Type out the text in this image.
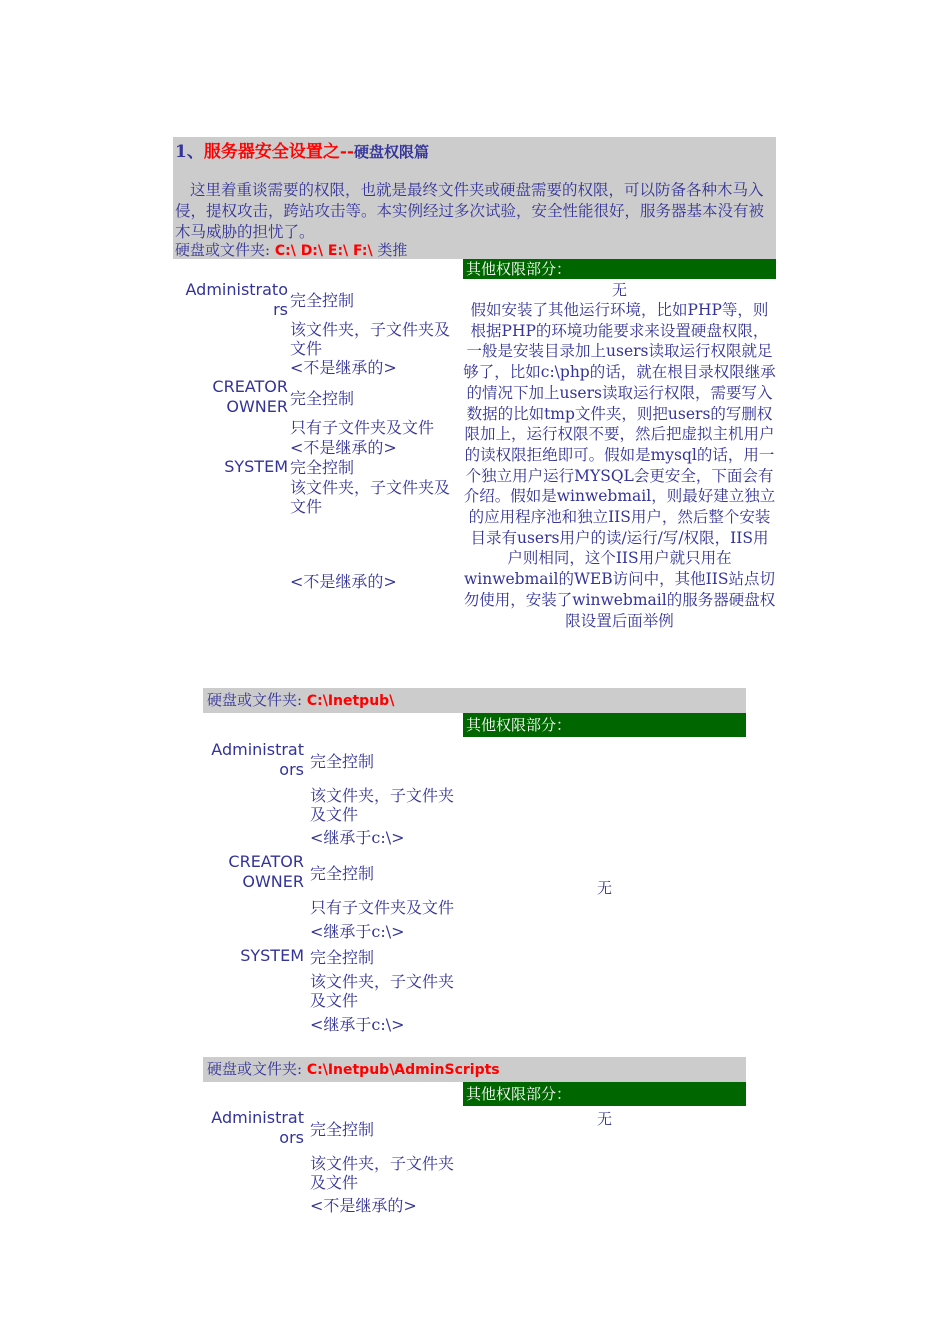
1、服务器安全设置之--硬盘权限篇
这里着重谈需要的权限，也就是最终文件夹或硬盘需要的权限，可以防备各种木马入侵，提权攻击，跨站攻击等。本实例经过多次试验，安全性能很好，服务器基本没有被木马威胁的担忧了。
硬盘或文件夹: C:\ D:\ E:\ F:\ 类推
其他权限部分：
无
假如安装了其他运行环境，比如PHP等，则根据PHP的环境功能要求来设置硬盘权限，一般是安装目录加上users读取运行权限就足够了，比如c:\php的话，就在根目录权限继承的情况下加上users读取运行权限，需要写入数据的比如tmp文件夹，则把users的写删权限加上，运行权限不要，然后把虚拟主机用户的读权限拒绝即可。假如是mysql的话，用一个独立用户运行MYSQL会更安全，下面会有介绍。假如是winwebmail，则最好建立独立的应用程序池和独立IIS用户，然后整个安装目录有users用户的读/运行/写/权限，IIS用户则相同，这个IIS用户就只用在winwebmail的WEB访问中，其他IIS站点切勿使用，安装了winwebmail的服务器硬盘权限设置后面举例
Administrato
rs 完全控制
该文件夹，子文件夹及文件
<不是继承的>
CREATOR
OWNER 完全控制
只有子文件夹及文件
<不是继承的>
SYSTEM 完全控制
该文件夹，子文件夹及文件
<不是继承的>
硬盘或文件夹: C:\Inetpub\
其他权限部分：
无
Administrat
ors 完全控制
该文件夹，子文件夹及文件
<继承于c:\>
CREATOR
OWNER 完全控制
只有子文件夹及文件
<继承于c:\>
SYSTEM 完全控制
该文件夹，子文件夹及文件
<继承于c:\>
硬盘或文件夹: C:\Inetpub\AdminScripts
其他权限部分：
无
Administrat
ors 完全控制
该文件夹，子文件夹及文件
<不是继承的>
